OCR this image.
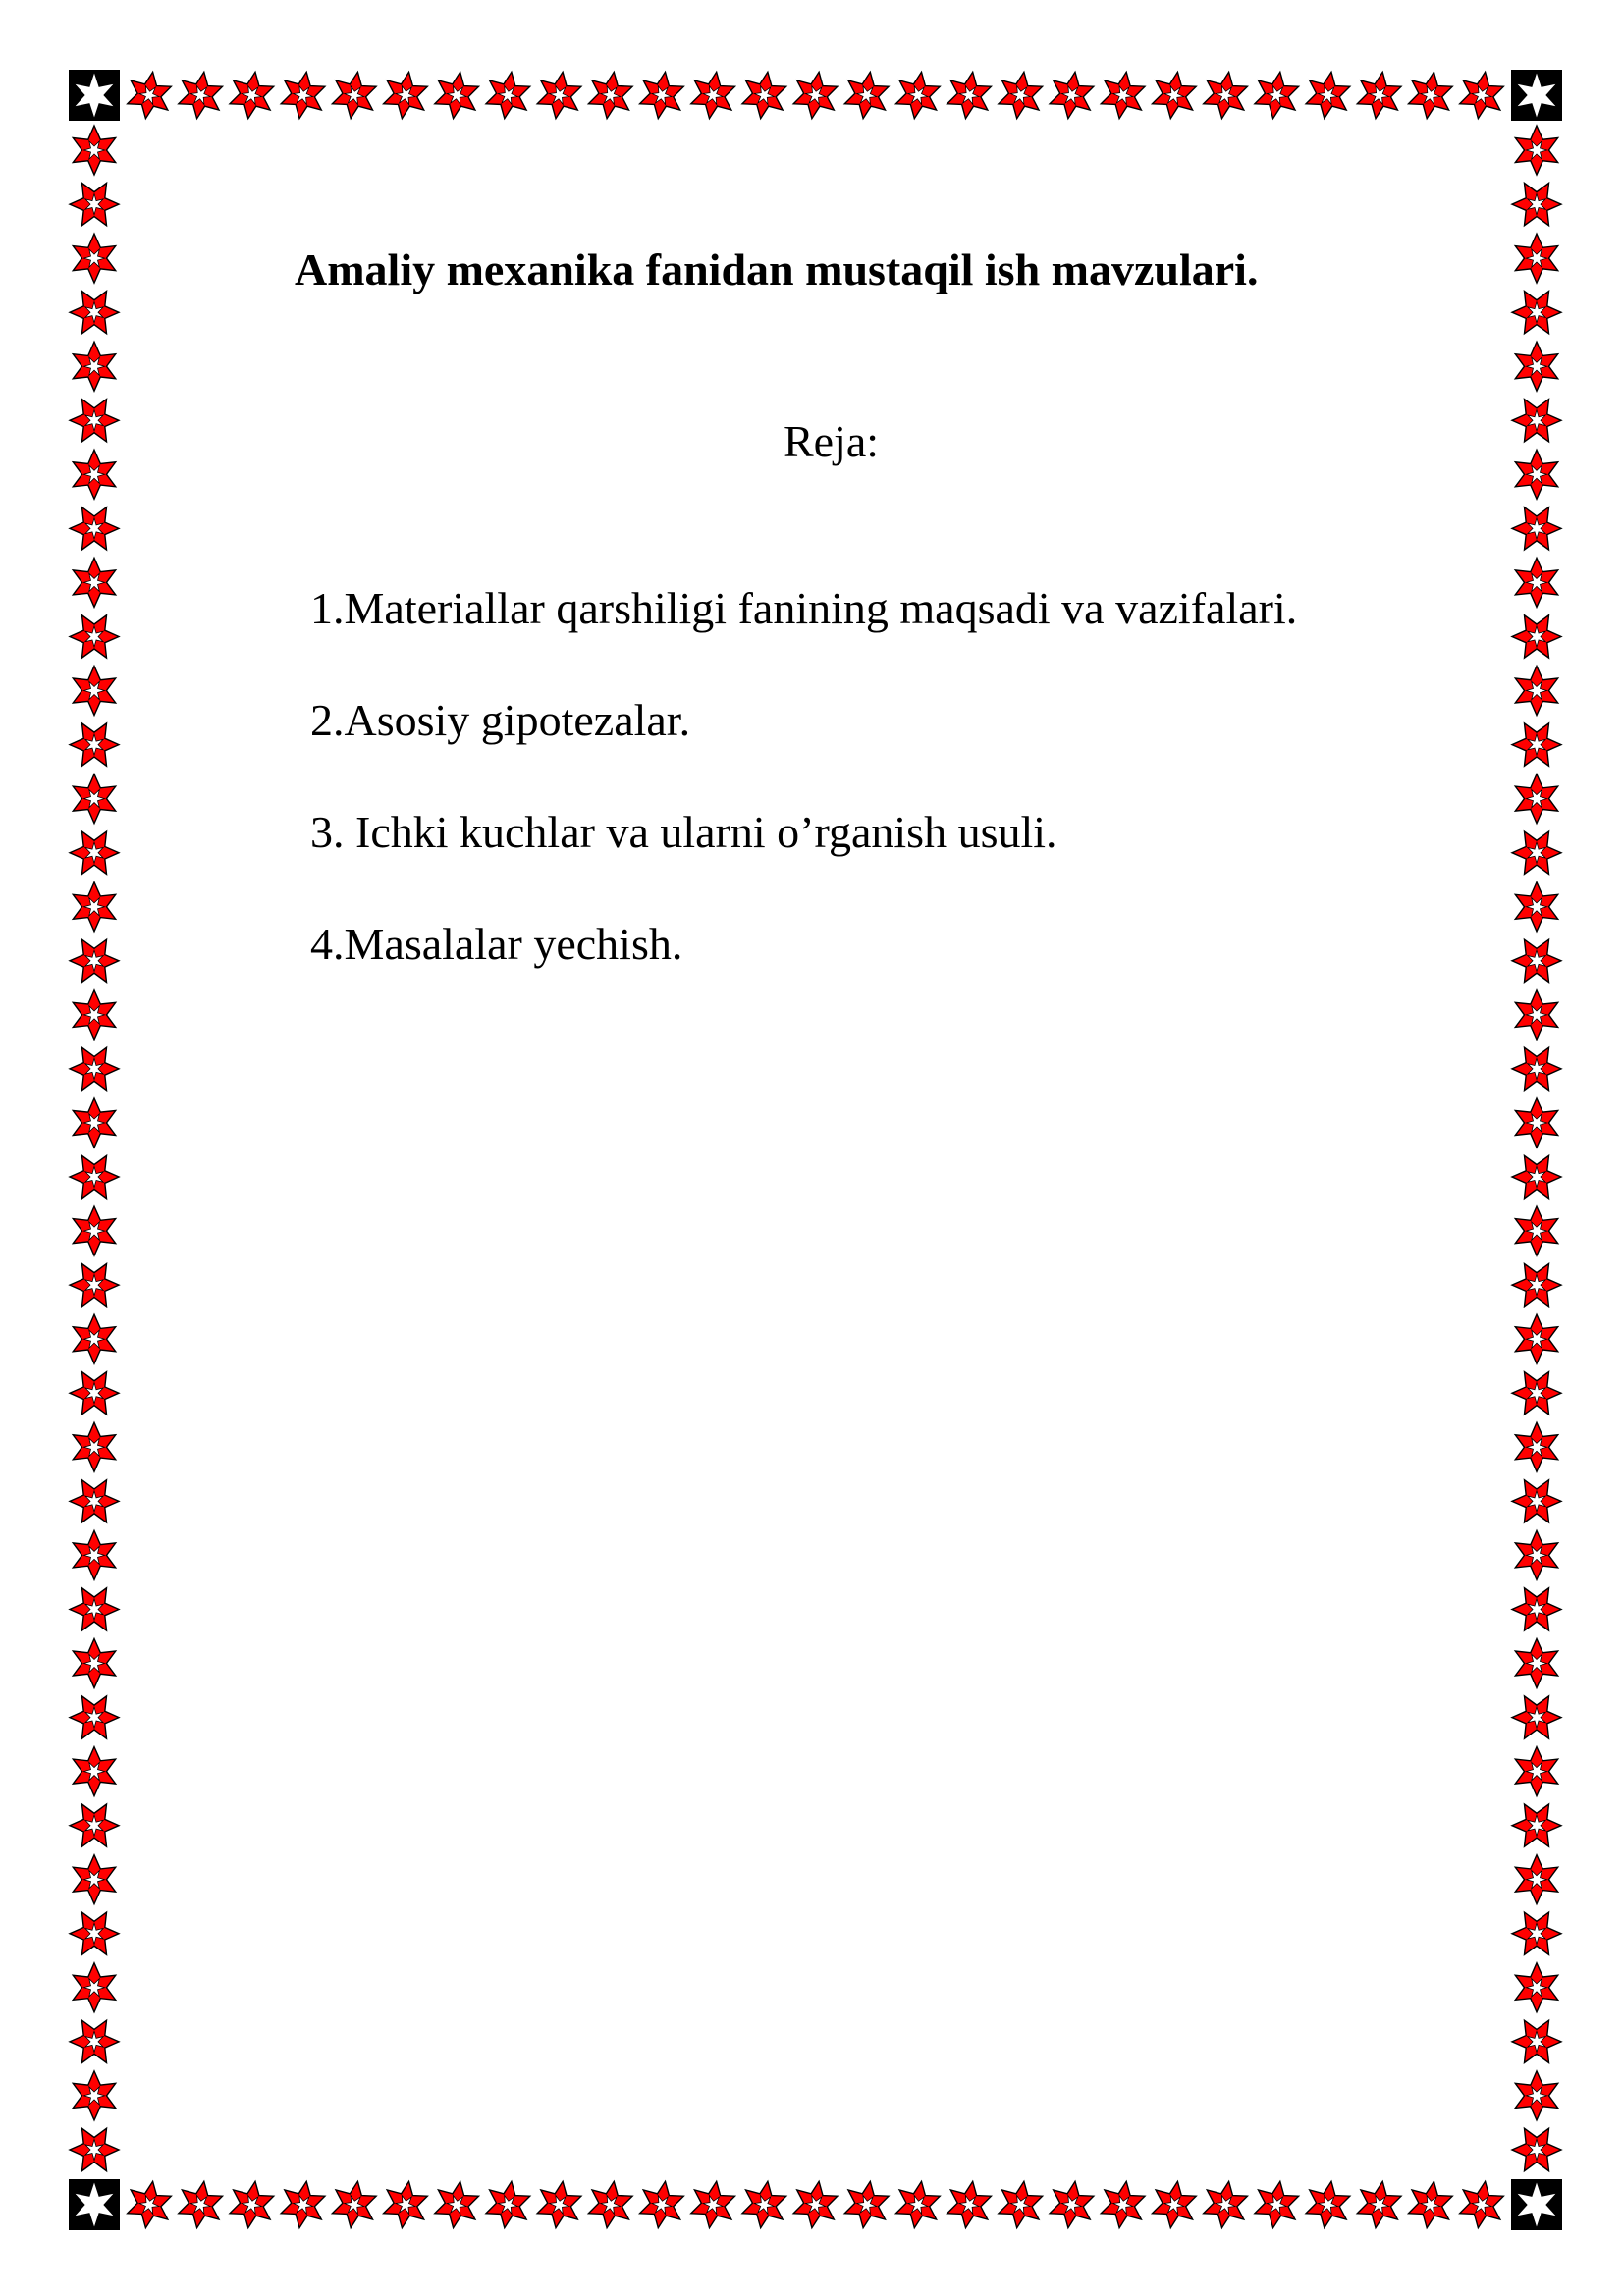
Amaliy mexanika fanidan mustaqil ish mavzulari.

Reja:

1.Materiallar qarshiligi fanining maqsadi va vazifalari.
2.Asosiy gipotezalar.
3. Ichki kuchlar va ularni o’rganish usuli.
4.Masalalar yechish.
